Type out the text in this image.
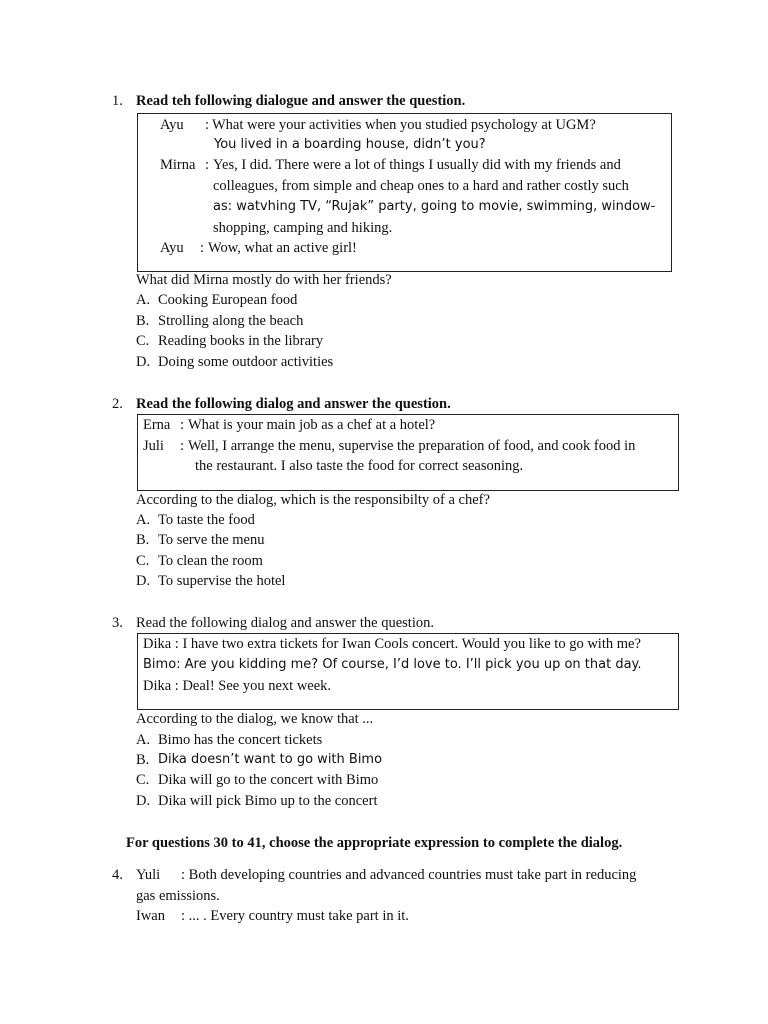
1. Read teh following dialogue and answer the question.
Ayu : What were your activities when you studied psychology at UGM?
You lived in a boarding house, didn’t you?
Mirna : Yes, I did. There were a lot of things I usually did with my friends and
colleagues, from simple and cheap ones to a hard and rather costly such
as: watvhing TV, “Rujak” party, going to movie, swimming, window-
shopping, camping and hiking.
Ayu : Wow, what an active girl!
What did Mirna mostly do with her friends?
A. Cooking European food
B. Strolling along the beach
C. Reading books in the library
D. Doing some outdoor activities
2. Read the following dialog and answer the question.
Erna : What is your main job as a chef at a hotel?
Juli : Well, I arrange the menu, supervise the preparation of food, and cook food in
the restaurant. I also taste the food for correct seasoning.
According to the dialog, which is the responsibilty of a chef?
A. To taste the food
B. To serve the menu
C. To clean the room
D. To supervise the hotel
3. Read the following dialog and answer the question.
Dika : I have two extra tickets for Iwan Cools concert. Would you like to go with me?
Bimo: Are you kidding me? Of course, I’d love to. I’ll pick you up on that day.
Dika : Deal! See you next week.
According to the dialog, we know that ...
A. Bimo has the concert tickets
B. Dika doesn’t want to go with Bimo
C. Dika will go to the concert with Bimo
D. Dika will pick Bimo up to the concert
For questions 30 to 41, choose the appropriate expression to complete the dialog.
4. Yuli : Both developing countries and advanced countries must take part in reducing
gas emissions.
Iwan : ... . Every country must take part in it.
